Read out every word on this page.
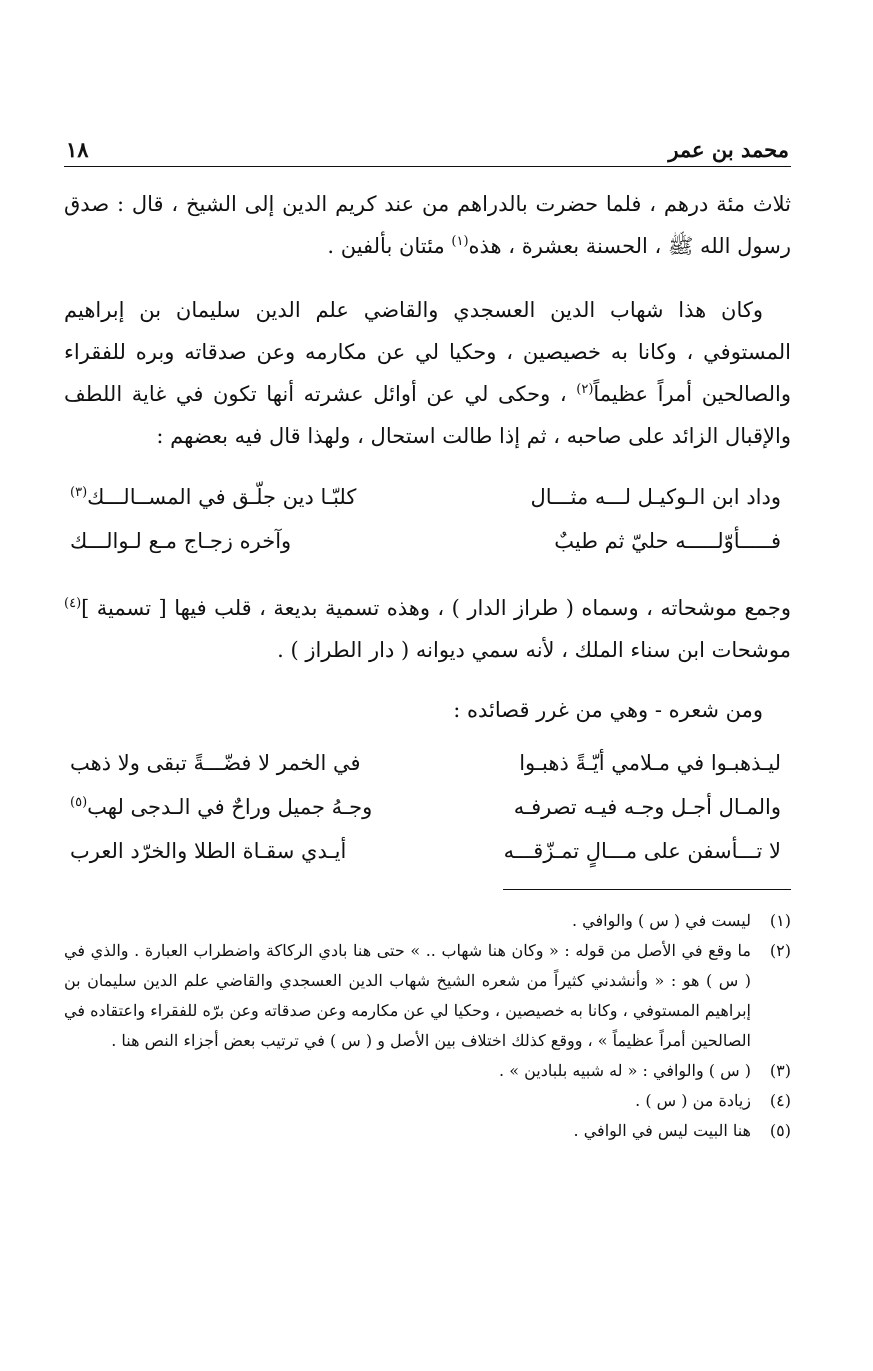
محمد بن عمر
١٨

ثلاث مئة درهم ، فلما حضرت بالدراهم من عند كريم الدين إلى الشيخ ، قال : صدق رسول الله ﷺ ، الحسنة بعشرة ، هذه$^{(١)}$ مئتان بألفين .

وكان هذا شهاب الدين العسجدي والقاضي علم الدين سليمان بن إبراهيم المستوفي ، وكانا به خصيصين ، وحكيا لي عن مكارمه وعن صدقاته وبره للفقراء والصالحين أمراً عظيماً$^{(٢)}$ ، وحكى لي عن أوائل عشرته أنها تكون في غاية اللطف والإقبال الزائد على صاحبه ، ثم إذا طالت استحال ، ولهذا قال فيه بعضهم :

وداد ابن الـوكيـل لـــه مثـــال
كلبّـا دين جلّـق في المســالـــك$^{(٣)}$
فـــــأوّلـــــه حليّ ثم طيبٌ
وآخره زجـاج مـع لـوالـــك

وجمع موشحاته ، وسماه ( طراز الدار ) ، وهذه تسمية بديعة ، قلب فيها [ تسمية ]$^{(٤)}$ موشحات ابن سناء الملك ، لأنه سمي ديوانه ( دار الطراز ) .

ومن شعره - وهي من غرر قصائده :

ليـذهبـوا في مـلامي أيّـةً ذهبـوا
في الخمر لا فضّـــةً تبقى ولا ذهب
والمـال أجـل وجـه فيـه تصرفـه
وجـهُ جميل وراحٌ في الـدجى لهب$^{(٥)}$
لا تـــأسفن على مـــالٍ تمـزّقـــه
أيـدي سقـاة الطلا والخرّد العرب
(١)
ليست في ( س ) والوافي .
(٢)
ما وقع في الأصل من قوله : « وكان هنا شهاب .. » حتى هنا بادي الركاكة واضطراب العبارة . والذي في ( س ) هو : « وأنشدني كثيراً من شعره الشيخ شهاب الدين العسجدي والقاضي علم الدين سليمان بن إبراهيم المستوفي ، وكانا به خصيصين ، وحكيا لي عن مكارمه وعن صدقاته وعن برّه للفقراء واعتقاده في الصالحين أمراً عظيماً » ، ووقع كذلك اختلاف بين الأصل و ( س ) في ترتيب بعض أجزاء النص هنا .
(٣)
( س ) والوافي : « له شبيه بلبادين » .
(٤)
زيادة من ( س ) .
(٥)
هنا البيت ليس في الوافي .
